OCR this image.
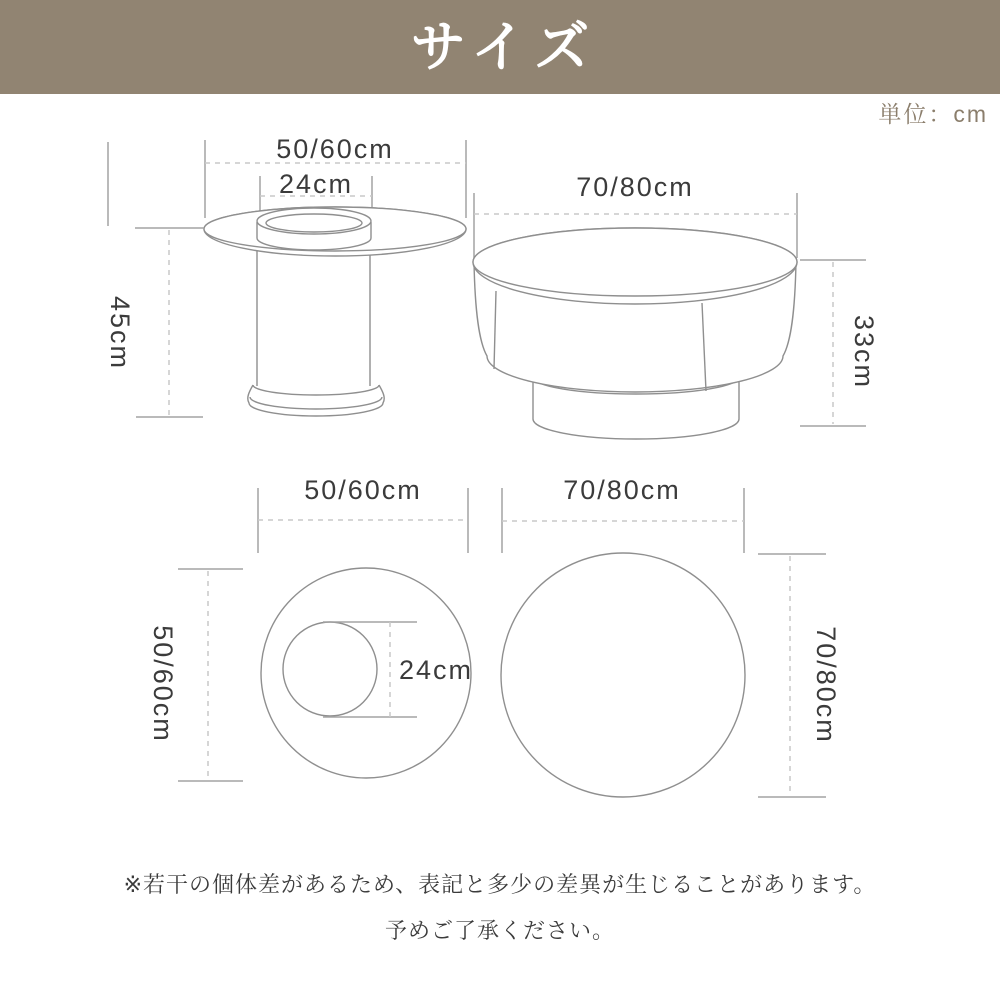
サイズ
単位：cm
50/60cm
24cm
45cm
70/80cm
33cm
50/60cm
24cm
50/60cm
70/80cm
70/80cm
※若干の個体差があるため、表記と多少の差異が生じることがあります。
予めご了承ください。
